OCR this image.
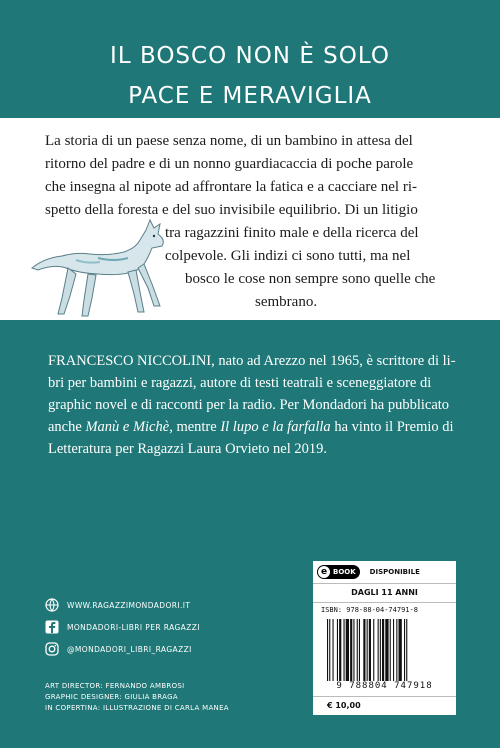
IL BOSCO NON È SOLO
PACE E MERAVIGLIA
La storia di un paese senza nome, di un bambino in attesa del
ritorno del padre e di un nonno guardiacaccia di poche parole
che insegna al nipote ad affrontare la fatica e a cacciare nel ri-
spetto della foresta e del suo invisibile equilibrio. Di un litigio
tra ragazzini finito male e della ricerca del
colpevole. Gli indizi ci sono tutti, ma nel
bosco le cose non sempre sono quelle che
sembrano.
FRANCESCO NICCOLINI, nato ad Arezzo nel 1965, è scrittore di li-
bri per bambini e ragazzi, autore di testi teatrali e sceneggiatore di
graphic novel e di racconti per la radio. Per Mondadori ha pubblicato
anche Manù e Michè, mentre Il lupo e la farfalla ha vinto il Premio di
Letteratura per Ragazzi Laura Orvieto nel 2019.
WWW.RAGAZZIMONDADORI.IT
MONDADORI-LIBRI PER RAGAZZI
@MONDADORI_LIBRI_RAGAZZI
ART DIRECTOR: FERNANDO AMBROSI
GRAPHIC DESIGNER: GIULIA BRAGA
IN COPERTINA: ILLUSTRAZIONE DI CARLA MANEA
e BOOK DISPONIBILE
DAGLI 11 ANNI
ISBN: 978-88-04-74791-8
9 788804 747918
€ 10,00
